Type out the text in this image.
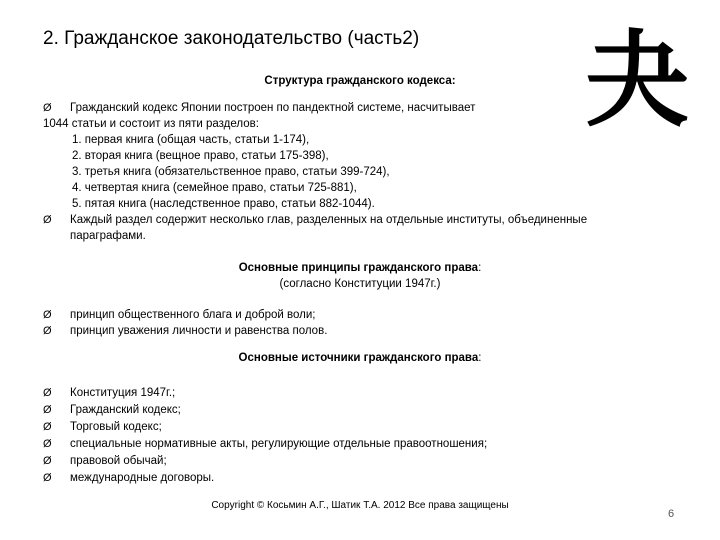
2. Гражданское законодательство (часть2) 夬
Структура гражданского кодекса:
Ø Гражданский кодекс Японии построен по пандектной системе, насчитывает
1044 статьи и состоит из пяти разделов:
1. первая книга (общая часть, статьи 1-174),
2. вторая книга (вещное право, статьи 175-398),
3. третья книга (обязательственное право, статьи 399-724),
4. четвертая книга (семейное право, статьи 725-881),
5. пятая книга (наследственное право, статьи 882-1044).
Ø Каждый раздел содержит несколько глав, разделенных на отдельные институты, объединенные
параграфами.
Основные принципы гражданского права:
(согласно Конституции 1947г.)
Ø принцип общественного блага и доброй воли;
Ø принцип уважения личности и равенства полов.
Основные источники гражданского права:
Ø Конституция 1947г.;
Ø Гражданский кодекс;
Ø Торговый кодекс;
Ø специальные нормативные акты, регулирующие отдельные правоотношения;
Ø правовой обычай;
Ø международные договоры.
Copyright © Косьмин А.Г., Шатик Т.А. 2012 Все права защищены
6
